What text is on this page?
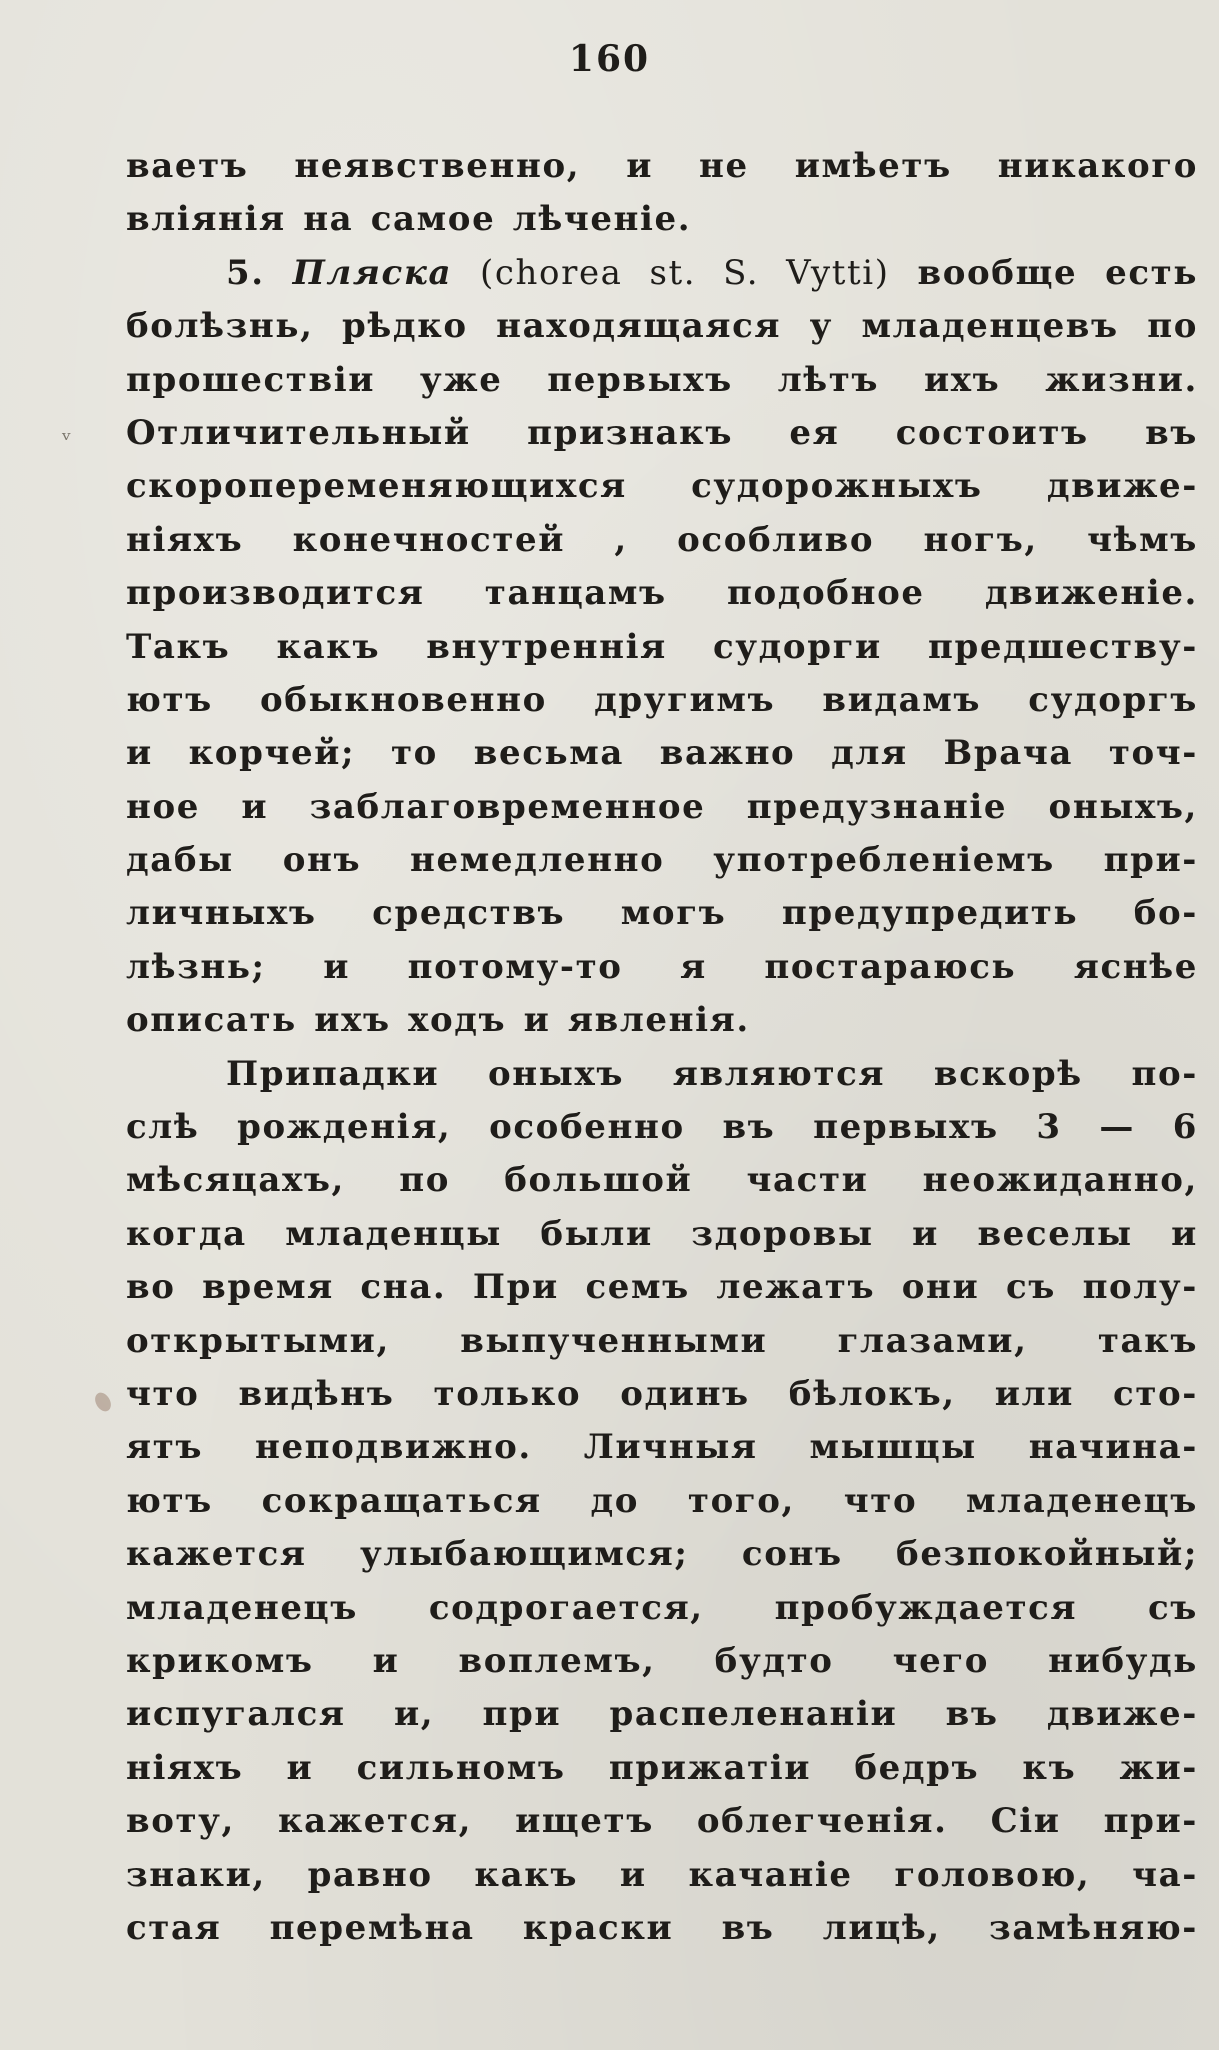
160
ᵛ
ваетъ неявственно, и не имѣетъ никакого
вліянія на самое лѣченіе.
5. Пляска (chorea st. S. Vytti) вообще есть
болѣзнь, рѣдко находящаяся у младенцевъ по
прошествіи уже первыхъ лѣтъ ихъ жизни.
Отличительный признакъ ея состоитъ въ
скоропеременяющихся судорожныхъ движе-
ніяхъ конечностей , особливо ногъ, чѣмъ
производится танцамъ подобное движеніе.
Такъ какъ внутреннія судорги предшеству-
ютъ обыкновенно другимъ видамъ судоргъ
и корчей; то весьма важно для Врача точ-
ное и заблаговременное предузнаніе оныхъ,
дабы онъ немедленно употребленіемъ при-
личныхъ средствъ могъ предупредить бо-
лѣзнь; и потому-то я постараюсь яснѣе
описать ихъ ходъ и явленія.
Припадки оныхъ являются вскорѣ по-
слѣ рожденія, особенно въ первыхъ 3 — 6
мѣсяцахъ, по большой части неожиданно,
когда младенцы были здоровы и веселы и
во время сна. При семъ лежатъ они съ полу-
открытыми, выпученными глазами, такъ
что видѣнъ только одинъ бѣлокъ, или сто-
ятъ неподвижно. Личныя мышцы начина-
ютъ сокращаться до того, что младенецъ
кажется улыбающимся; сонъ безпокойный;
младенецъ содрогается, пробуждается съ
крикомъ и воплемъ, будто чего нибудь
испугался и, при распеленаніи въ движе-
ніяхъ и сильномъ прижатіи бедръ къ жи-
воту, кажется, ищетъ облегченія. Сіи при-
знаки, равно какъ и качаніе головою, ча-
стая перемѣна краски въ лицѣ, замѣняю-
